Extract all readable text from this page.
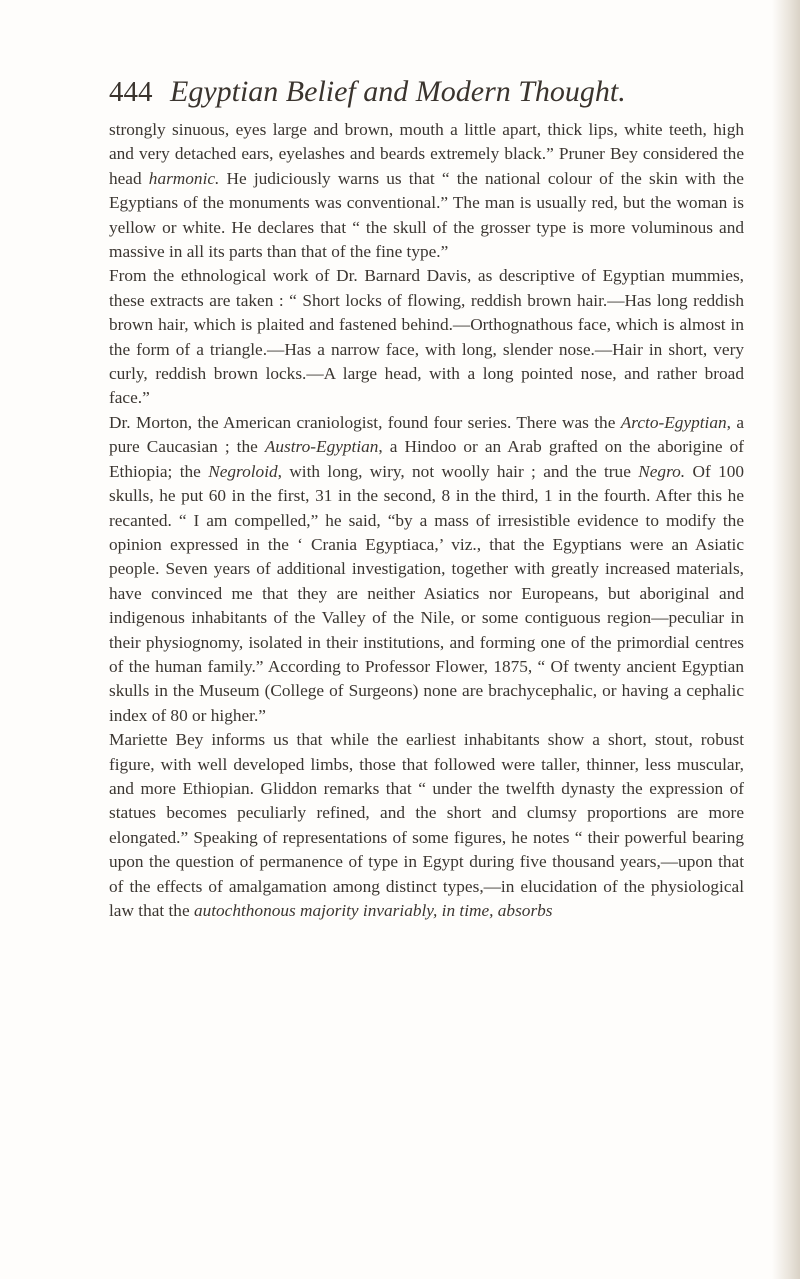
444 Egyptian Belief and Modern Thought.

strongly sinuous, eyes large and brown, mouth a little apart, thick lips, white teeth, high and very detached ears, eyelashes and beards extremely black.” Pruner Bey considered the head harmonic. He judiciously warns us that “ the national colour of the skin with the Egyptians of the monuments was conventional.” The man is usually red, but the woman is yellow or white. He declares that “ the skull of the grosser type is more voluminous and massive in all its parts than that of the fine type.”

From the ethnological work of Dr. Barnard Davis, as descriptive of Egyptian mummies, these extracts are taken : “ Short locks of flowing, reddish brown hair.—Has long reddish brown hair, which is plaited and fastened behind.—Orthognathous face, which is almost in the form of a triangle.—Has a narrow face, with long, slender nose.—Hair in short, very curly, reddish brown locks.—A large head, with a long pointed nose, and rather broad face.”

Dr. Morton, the American craniologist, found four series. There was the Arcto-Egyptian, a pure Caucasian ; the Austro-Egyptian, a Hindoo or an Arab grafted on the aborigine of Ethiopia; the Negroloid, with long, wiry, not woolly hair ; and the true Negro. Of 100 skulls, he put 60 in the first, 31 in the second, 8 in the third, 1 in the fourth. After this he recanted. “ I am compelled,” he said, “by a mass of irresistible evidence to modify the opinion expressed in the ‘ Crania Egyptiaca,’ viz., that the Egyptians were an Asiatic people. Seven years of additional investigation, together with greatly increased materials, have convinced me that they are neither Asiatics nor Europeans, but aboriginal and indigenous inhabitants of the Valley of the Nile, or some contiguous region—peculiar in their physiognomy, isolated in their institutions, and forming one of the primordial centres of the human family.” According to Professor Flower, 1875, “ Of twenty ancient Egyptian skulls in the Museum (College of Surgeons) none are brachycephalic, or having a cephalic index of 80 or higher.”

Mariette Bey informs us that while the earliest inhabitants show a short, stout, robust figure, with well developed limbs, those that followed were taller, thinner, less muscular, and more Ethiopian. Gliddon remarks that “ under the twelfth dynasty the expression of statues becomes peculiarly refined, and the short and clumsy proportions are more elongated.” Speaking of representations of some figures, he notes “ their powerful bearing upon the question of permanence of type in Egypt during five thousand years,—upon that of the effects of amalgamation among distinct types,—in elucidation of the physiological law that the autochthonous majority invariably, in time, absorbs
